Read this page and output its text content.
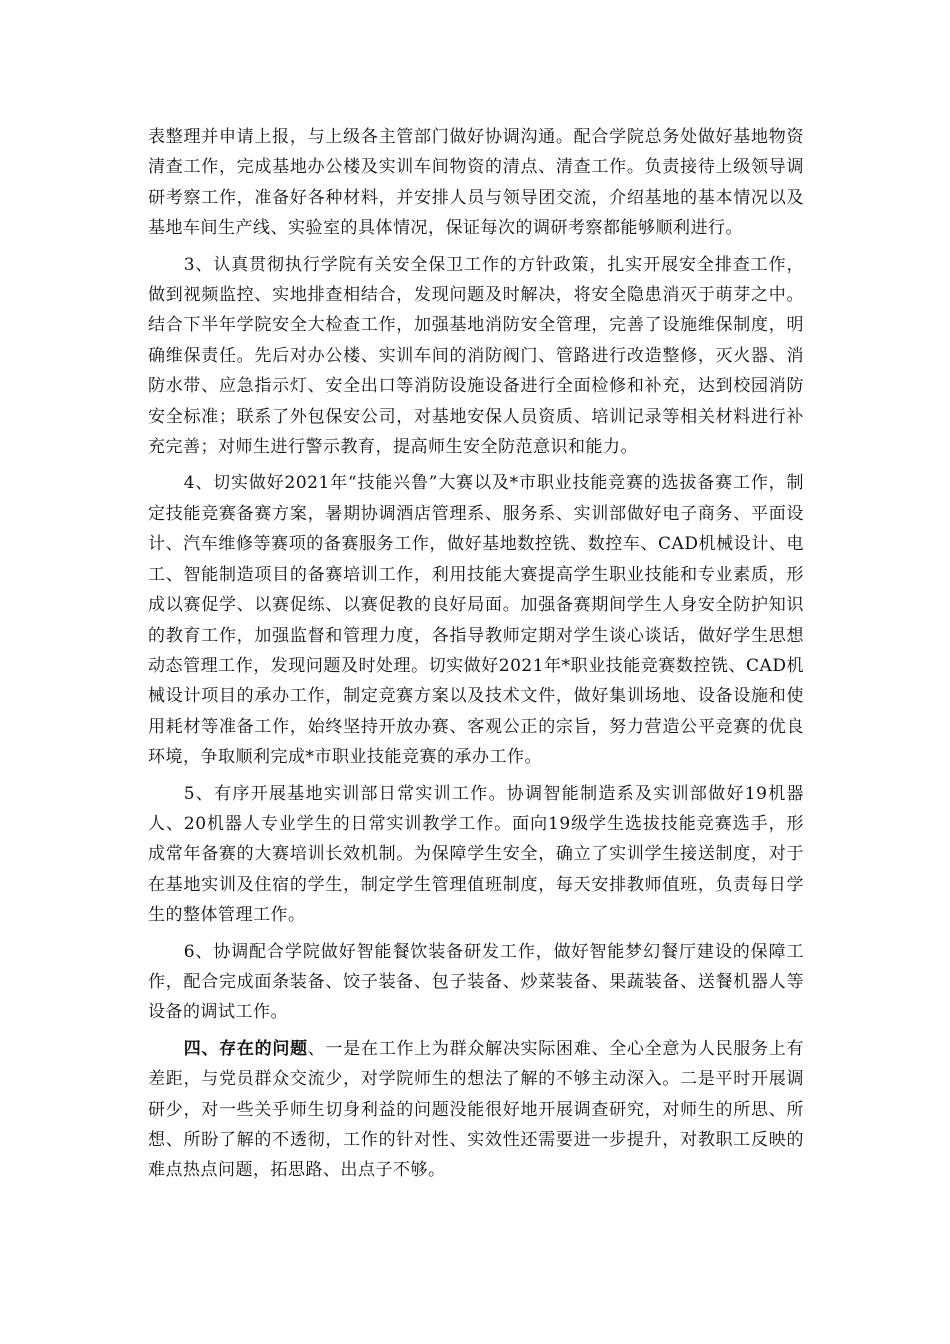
表整理并申请上报，与上级各主管部门做好协调沟通。配合学院总务处做好基地物资清查工作，完成基地办公楼及实训车间物资的清点、清查工作。负责接待上级领导调研考察工作，准备好各种材料，并安排人员与领导团交流，介绍基地的基本情况以及基地车间生产线、实验室的具体情况，保证每次的调研考察都能够顺利进行。

3、认真贯彻执行学院有关安全保卫工作的方针政策，扎实开展安全排查工作，做到视频监控、实地排查相结合，发现问题及时解决，将安全隐患消灭于萌芽之中。结合下半年学院安全大检查工作，加强基地消防安全管理，完善了设施维保制度，明确维保责任。先后对办公楼、实训车间的消防阀门、管路进行改造整修，灭火器、消防水带、应急指示灯、安全出口等消防设施设备进行全面检修和补充，达到校园消防安全标准；联系了外包保安公司，对基地安保人员资质、培训记录等相关材料进行补充完善；对师生进行警示教育，提高师生安全防范意识和能力。

4、切实做好2021年“技能兴鲁”大赛以及*市职业技能竞赛的选拔备赛工作，制定技能竞赛备赛方案，暑期协调酒店管理系、服务系、实训部做好电子商务、平面设计、汽车维修等赛项的备赛服务工作，做好基地数控铣、数控车、CAD机械设计、电工、智能制造项目的备赛培训工作，利用技能大赛提高学生职业技能和专业素质，形成以赛促学、以赛促练、以赛促教的良好局面。加强备赛期间学生人身安全防护知识的教育工作，加强监督和管理力度，各指导教师定期对学生谈心谈话，做好学生思想动态管理工作，发现问题及时处理。切实做好2021年*职业技能竞赛数控铣、CAD机械设计项目的承办工作，制定竞赛方案以及技术文件，做好集训场地、设备设施和使用耗材等准备工作，始终坚持开放办赛、客观公正的宗旨，努力营造公平竞赛的优良环境，争取顺利完成*市职业技能竞赛的承办工作。

5、有序开展基地实训部日常实训工作。协调智能制造系及实训部做好19机器人、20机器人专业学生的日常实训教学工作。面向19级学生选拔技能竞赛选手，形成常年备赛的大赛培训长效机制。为保障学生安全，确立了实训学生接送制度，对于在基地实训及住宿的学生，制定学生管理值班制度，每天安排教师值班，负责每日学生的整体管理工作。

6、协调配合学院做好智能餐饮装备研发工作，做好智能梦幻餐厅建设的保障工作，配合完成面条装备、饺子装备、包子装备、炒菜装备、果蔬装备、送餐机器人等设备的调试工作。

四、存在的问题、一是在工作上为群众解决实际困难、全心全意为人民服务上有差距，与党员群众交流少，对学院师生的想法了解的不够主动深入。二是平时开展调研少，对一些关乎师生切身利益的问题没能很好地开展调查研究，对师生的所思、所想、所盼了解的不透彻，工作的针对性、实效性还需要进一步提升，对教职工反映的难点热点问题，拓思路、出点子不够。
